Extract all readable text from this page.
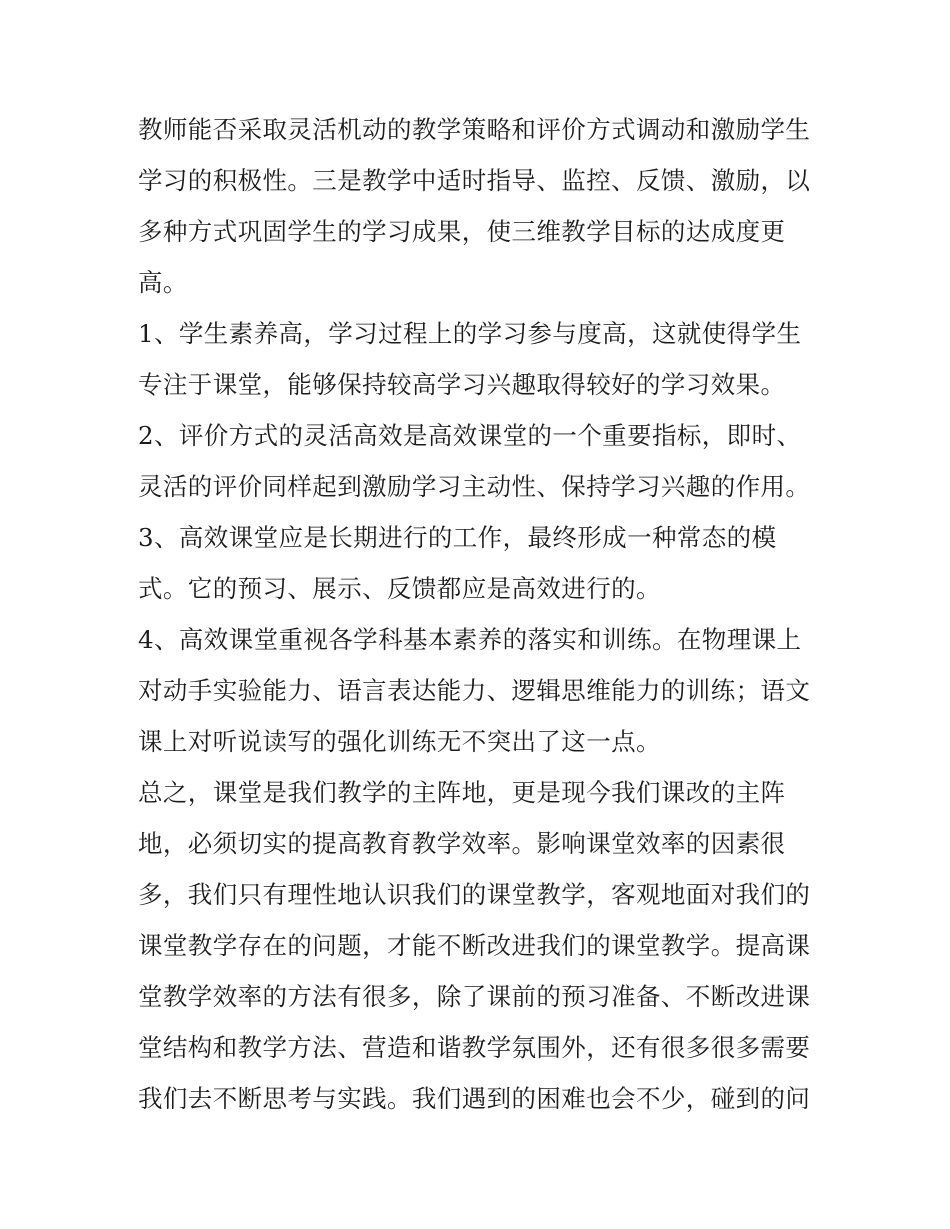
教师能否采取灵活机动的教学策略和评价方式调动和激励学生
学习的积极性。三是教学中适时指导、监控、反馈、激励，以
多种方式巩固学生的学习成果，使三维教学目标的达成度更
高。
1、学生素养高，学习过程上的学习参与度高，这就使得学生
专注于课堂，能够保持较高学习兴趣取得较好的学习效果。
2、评价方式的灵活高效是高效课堂的一个重要指标，即时、
灵活的评价同样起到激励学习主动性、保持学习兴趣的作用。
3、高效课堂应是长期进行的工作，最终形成一种常态的模
式。它的预习、展示、反馈都应是高效进行的。
4、高效课堂重视各学科基本素养的落实和训练。在物理课上
对动手实验能力、语言表达能力、逻辑思维能力的训练；语文
课上对听说读写的强化训练无不突出了这一点。
总之，课堂是我们教学的主阵地，更是现今我们课改的主阵
地，必须切实的提高教育教学效率。影响课堂效率的因素很
多，我们只有理性地认识我们的课堂教学，客观地面对我们的
课堂教学存在的问题，才能不断改进我们的课堂教学。提高课
堂教学效率的方法有很多，除了课前的预习准备、不断改进课
堂结构和教学方法、营造和谐教学氛围外，还有很多很多需要
我们去不断思考与实践。我们遇到的困难也会不少，碰到的问
